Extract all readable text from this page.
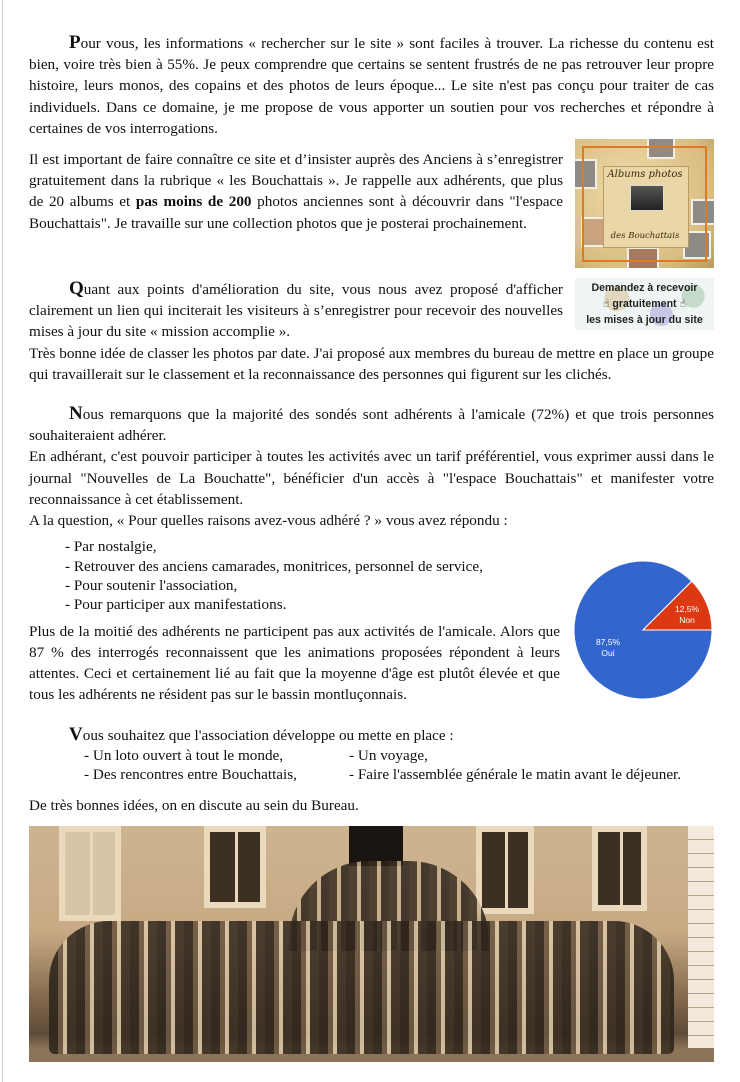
Pour vous, les informations « rechercher sur le site » sont faciles à trouver. La richesse du contenu est bien, voire très bien à 55%. Je peux comprendre que certains se sentent frustrés de ne pas retrouver leur propre histoire, leurs monos, des copains et des photos de leurs époque... Le site n'est pas conçu pour traiter de cas individuels. Dans ce domaine, je me propose de vous apporter un soutien pour vos recherches et répondre à certaines de vos interrogations.

Albums photos
des Bouchattais

Il est important de faire connaître ce site et d’insister auprès des Anciens à s’enregistrer gratuitement dans la rubrique « les Bouchattais ». Je rappelle aux adhérents, que plus de 20 albums et pas moins de 200 photos anciennes sont à découvrir dans "l'espace Bouchattais". Je travaille sur une collection photos que je posterai prochainement.

Demandez à recevoir
☝ gratuitement ☝
les mises à jour du site

Quant aux points d'amélioration du site, vous nous avez proposé d'afficher clairement un lien qui inciterait les visiteurs à s’enregistrer pour recevoir des nouvelles mises à jour du site « mission accomplie ».

Très bonne idée de classer les photos par date. J'ai proposé aux membres du bureau de mettre en place un groupe qui travaillerait sur le classement et la reconnaissance des personnes qui figurent sur les clichés.

Nous remarquons que la majorité des sondés sont adhérents à l'amicale (72%) et que trois personnes souhaiteraient adhérer.

En adhérant, c'est pouvoir participer à toutes les activités avec un tarif préférentiel, vous exprimer aussi dans le journal "Nouvelles de La Bouchatte", bénéficier d'un accès à "l'espace Bouchattais" et manifester votre reconnaissance à cet établissement.

A la question, « Pour quelles raisons avez-vous adhéré ? » vous avez répondu :

87,5%
Oui
12,5%
Non
- Par nostalgie,
- Retrouver des anciens camarades, monitrices, personnel de service,
- Pour soutenir l'association,
- Pour participer aux manifestations.

Plus de la moitié des adhérents ne participent pas aux activités de l'amicale. Alors que 87 % des interrogés reconnaissent que les animations proposées répondent à leurs attentes. Ceci et certainement lié au fait que la moyenne d'âge est plutôt élevée et que tous les adhérents ne résident pas sur le bassin montluçonnais.

Vous souhaitez que l'association développe ou mette en place :

- Un loto ouvert à tout le monde,	- Un voyage,
- Des rencontres entre Bouchattais,	- Faire l'assemblée générale le matin avant le déjeuner.

De très bonnes idées, on en discute au sein du Bureau.
